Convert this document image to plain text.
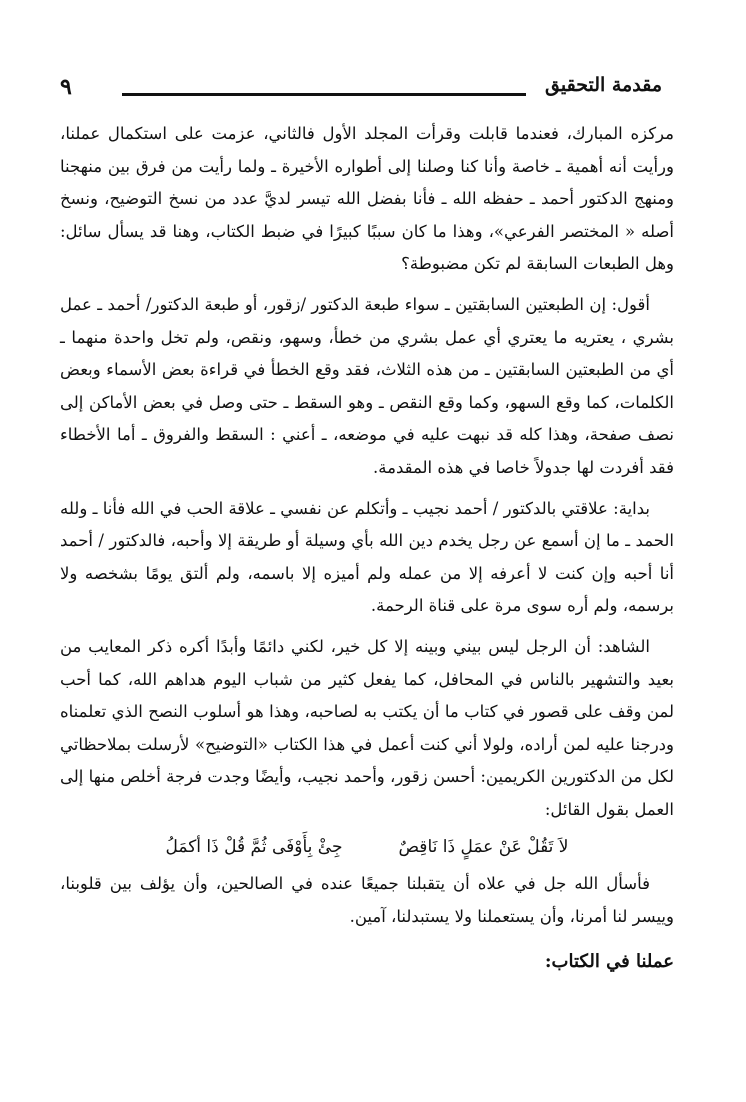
مقدمة التحقيق
٩

مركزه المبارك، فعندما قابلت وقرأت المجلد الأول فالثاني، عزمت على استكمال عملنا، ورأيت أنه أهمية ـ خاصة وأنا كنا وصلنا إلى أطواره الأخيرة ـ ولما رأيت من فرق بين منهجنا ومنهج الدكتور أحمد ـ حفظه الله ـ فأنا بفضل الله تيسر لديَّ عدد من نسخ التوضيح، ونسخ أصله « المختصر الفرعي»، وهذا ما كان سببًا كبيرًا في ضبط الكتاب، وهنا قد يسأل سائل: وهل الطبعات السابقة لم تكن مضبوطة؟

أقول: إن الطبعتين السابقتين ـ سواء طبعة الدكتور /زقور، أو طبعة الدكتور/ أحمد ـ عمل بشري ، يعتريه ما يعتري أي عمل بشري من خطأ، وسهو، ونقص، ولم تخل واحدة منهما ـ أي من الطبعتين السابقتين ـ من هذه الثلاث، فقد وقع الخطأ في قراءة بعض الأسماء وبعض الكلمات، كما وقع السهو، وكما وقع النقص ـ وهو السقط ـ حتى وصل في بعض الأماكن إلى نصف صفحة، وهذا كله قد نبهت عليه في موضعه، ـ أعني : السقط والفروق ـ أما الأخطاء فقد أفردت لها جدولاً خاصا في هذه المقدمة.

بداية: علاقتي بالدكتور / أحمد نجيب ـ وأتكلم عن نفسي ـ علاقة الحب في الله فأنا ـ ولله الحمد ـ ما إن أسمع عن رجل يخدم دين الله بأي وسيلة أو طريقة إلا وأحبه، فالدكتور / أحمد أنا أحبه وإن كنت لا أعرفه إلا من عمله ولم أميزه إلا باسمه، ولم ألتق يومًا بشخصه ولا برسمه، ولم أره سوى مرة على قناة الرحمة.

الشاهد: أن الرجل ليس بيني وبينه إلا كل خير، لكني دائمًا وأبدًا أكره ذكر المعايب من بعيد والتشهير بالناس في المحافل، كما يفعل كثير من شباب اليوم هداهم الله، كما أحب لمن وقف على قصور في كتاب ما أن يكتب به لصاحبه، وهذا هو أسلوب النصح الذي تعلمناه ودرجنا عليه لمن أراده، ولولا أني كنت أعمل في هذا الكتاب «التوضيح» لأرسلت بملاحظاتي لكل من الدكتورين الكريمين: أحسن زقور، وأحمد نجيب، وأيضًا وجدت فرجة أخلص منها إلى العمل بقول القائل:

لاَ تَقُلْ عَنْ عمَلٍ ذَا نَاقِصٌ
جِئْ بِأَوْفَى ثُمَّ قُلْ ذَا أكمَلُ

فأسأل الله جل في علاه أن يتقبلنا جميعًا عنده في الصالحين، وأن يؤلف بين قلوبنا، وييسر لنا أمرنا، وأن يستعملنا ولا يستبدلنا، آمين.

عملنا في الكتاب:
